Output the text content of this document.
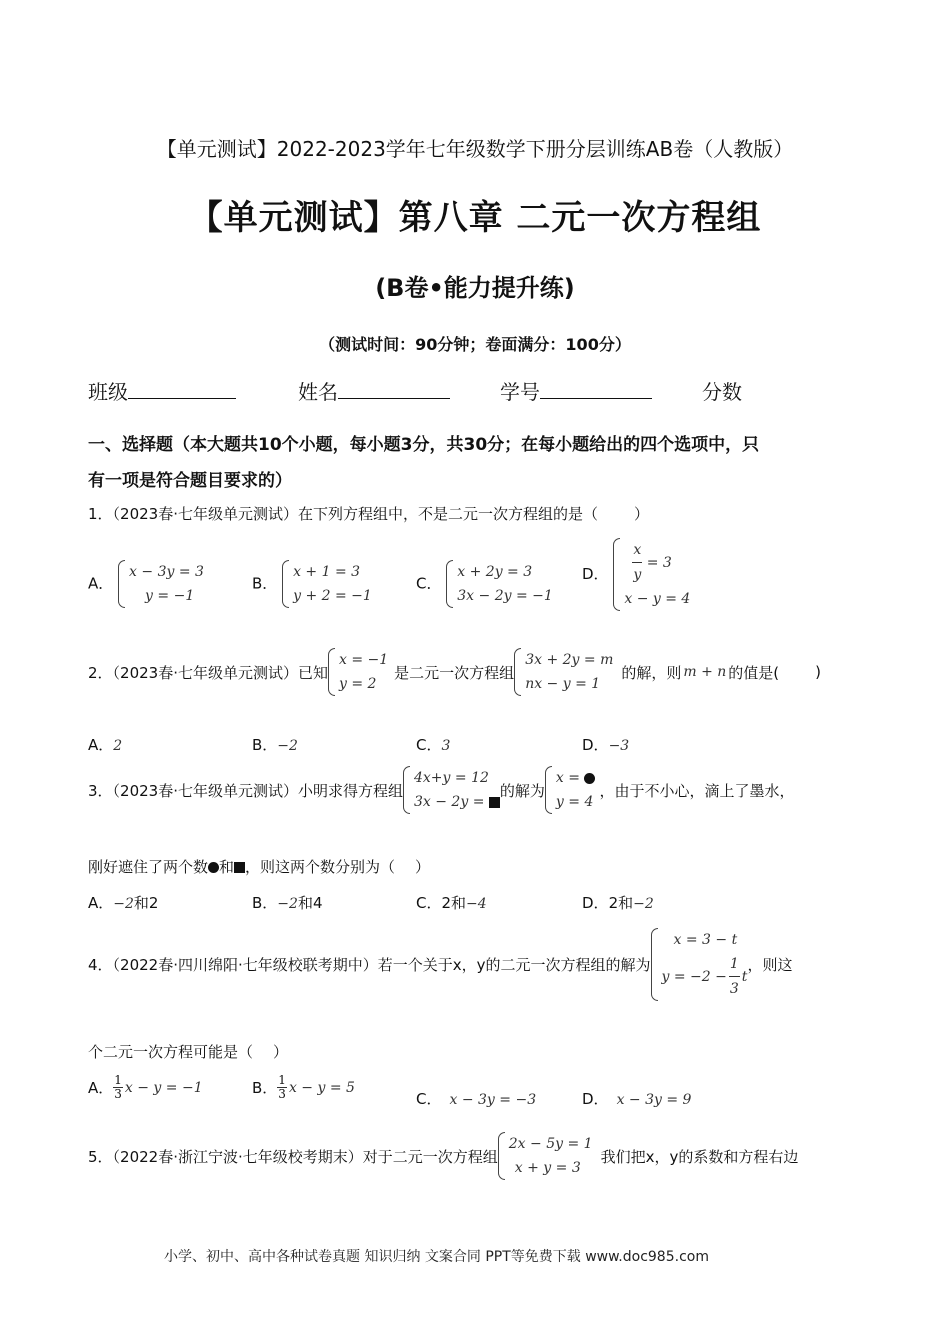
【单元测试】2022-2023学年七年级数学下册分层训练AB卷（人教版）
【单元测试】第八章 二元一次方程组
(B卷•能力提升练)
（测试时间：90分钟；卷面满分：100分）
班级	姓名	学号	分数
一、选择题（本大题共10个小题，每小题3分，共30分；在每小题给出的四个选项中，只
有一项是符合题目要求的）
1．（2023春·七年级单元测试）在下列方程组中，不是二元一次方程组的是（ ）
A．
x − 3y = 3
y = −1
B．
x + 1 = 3
y + 2 = −1
C．
x + 2y = 3
3x − 2y = −1
D． $\frac{x}{y}$
= 3
x − y = 4
2．（2023春·七年级单元测试）已知
x = −1
y = 2
是二元一次方程组
3x + 2y = m
nx − y = 1
的解，则 m + n 的值是( )
A．2	B．−2	C．3	D．−3
3．（2023春·七年级单元测试）小明求得方程组
4x+y = 12
3x − 2y =
的解为
x =
y = 4
，由于不小心，滴上了墨水，
刚好遮住了两个数 和 ，则这两个数分别为（ ）
A．−2和2	B．−2和4	C．2和−4	D．2和−2
4．（2022春·四川绵阳·七年级校联考期中）若一个关于x，y的二元一次方程组的解为
x = 3 − t
$y = -2 - \frac{1}{3}$ t
，则这
个二元一次方程可能是（ ）
A． $\frac{1}{3}$ x − y = −1	B． $\frac{1}{3}$ x − y = 5
C． x − 3y = −3	D． x − 3y = 9
5．（2022春·浙江宁波·七年级校考期末）对于二元一次方程组
2x − 5y = 1
x + y = 3
我们把x，y的系数和方程右边
小学、初中、高中各种试卷真题 知识归纳 文案合同 PPT等免费下载 www.doc985.com
